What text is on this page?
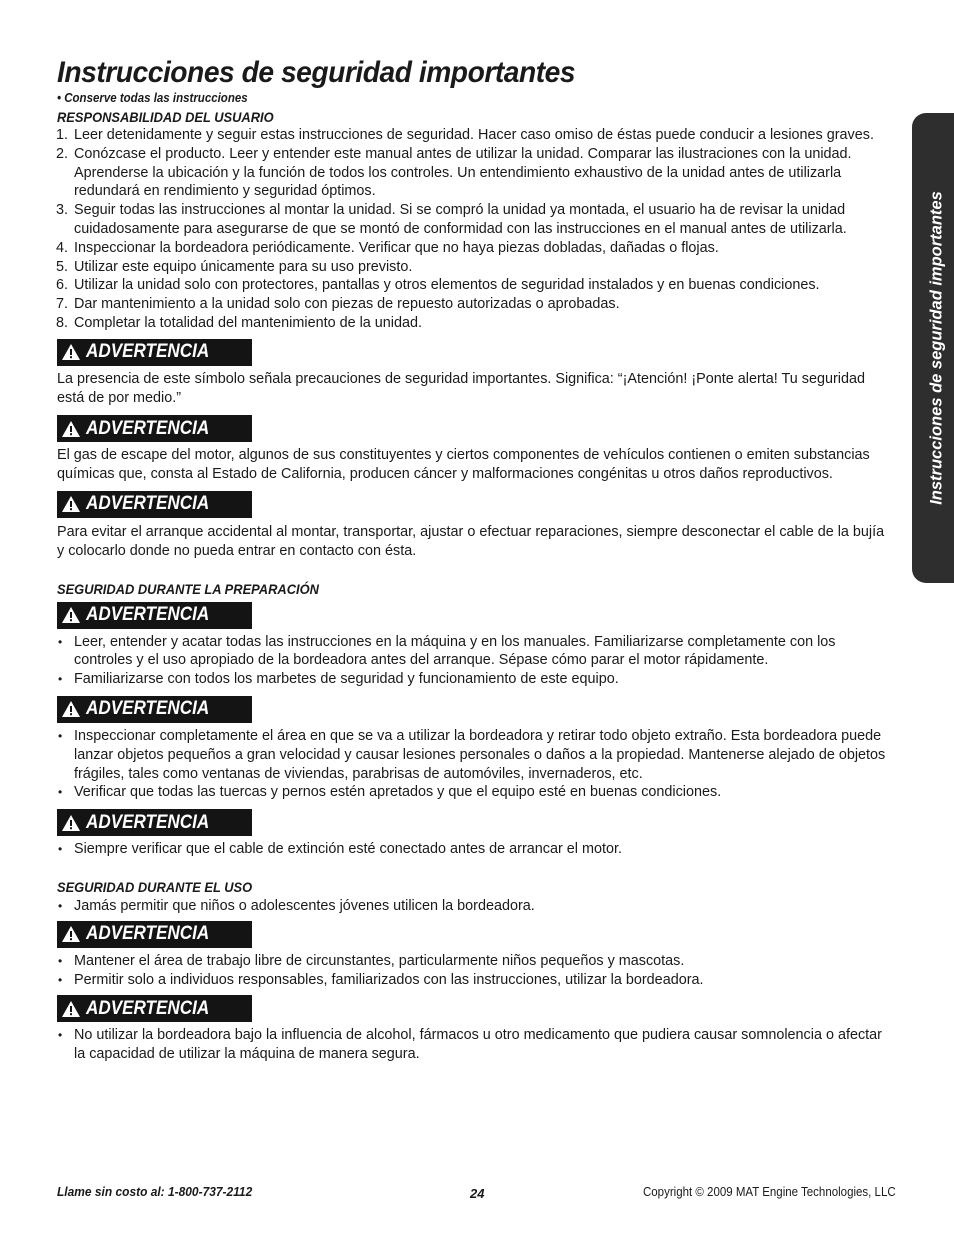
Instrucciones de seguridad importantes
Instrucciones de seguridad importantes
• Conserve todas las instrucciones
RESPONSABILIDAD DEL USUARIO
1. Leer detenidamente y seguir estas instrucciones de seguridad. Hacer caso omiso de éstas puede conducir a lesiones graves.
2. Conózcase el producto. Leer y entender este manual antes de utilizar la unidad. Comparar las ilustraciones con la unidad. Aprenderse la ubicación y la función de todos los controles. Un entendimiento exhaustivo de la unidad antes de utilizarla redundará en rendimiento y seguridad óptimos.
3. Seguir todas las instrucciones al montar la unidad. Si se compró la unidad ya montada, el usuario ha de revisar la unidad cuidadosamente para asegurarse de que se montó de conformidad con las instrucciones en el manual antes de utilizarla.
4. Inspeccionar la bordeadora periódicamente. Verificar que no haya piezas dobladas, dañadas o flojas.
5. Utilizar este equipo únicamente para su uso previsto.
6. Utilizar la unidad solo con protectores, pantallas y otros elementos de seguridad instalados y en buenas condiciones.
7. Dar mantenimiento a la unidad solo con piezas de repuesto autorizadas o aprobadas.
8. Completar la totalidad del mantenimiento de la unidad.
ADVERTENCIA

La presencia de este símbolo señala precauciones de seguridad importantes. Significa: “¡Atención! ¡Ponte alerta! Tu seguridad está de por medio.”

ADVERTENCIA

El gas de escape del motor, algunos de sus constituyentes y ciertos componentes de vehículos contienen o emiten substancias químicas que, consta al Estado de California, producen cáncer y malformaciones congénitas u otros daños reproductivos.

ADVERTENCIA

Para evitar el arranque accidental al montar, transportar, ajustar o efectuar reparaciones, siempre desconectar el cable de la bujía y colocarlo donde no pueda entrar en contacto con ésta.

SEGURIDAD DURANTE LA PREPARACIÓN
ADVERTENCIA
• Leer, entender y acatar todas las instrucciones en la máquina y en los manuales. Familiarizarse completamente con los controles y el uso apropiado de la bordeadora antes del arranque. Sépase cómo parar el motor rápidamente.
• Familiarizarse con todos los marbetes de seguridad y funcionamiento de este equipo.
ADVERTENCIA
• Inspeccionar completamente el área en que se va a utilizar la bordeadora y retirar todo objeto extraño. Esta bordeadora puede lanzar objetos pequeños a gran velocidad y causar lesiones personales o daños a la propiedad. Mantenerse alejado de objetos frágiles, tales como ventanas de viviendas, parabrisas de automóviles, invernaderos, etc.
• Verificar que todas las tuercas y pernos estén apretados y que el equipo esté en buenas condiciones.
ADVERTENCIA
• Siempre verificar que el cable de extinción esté conectado antes de arrancar el motor.
SEGURIDAD DURANTE EL USO
• Jamás permitir que niños o adolescentes jóvenes utilicen la bordeadora.
ADVERTENCIA
• Mantener el área de trabajo libre de circunstantes, particularmente niños pequeños y mascotas.
• Permitir solo a individuos responsables, familiarizados con las instrucciones, utilizar la bordeadora.
ADVERTENCIA
• No utilizar la bordeadora bajo la influencia de alcohol, fármacos u otro medicamento que pudiera causar somnolencia o afectar la capacidad de utilizar la máquina de manera segura.
Llame sin costo al: 1-800-737-2112	24	Copyright © 2009 MAT Engine Technologies, LLC
